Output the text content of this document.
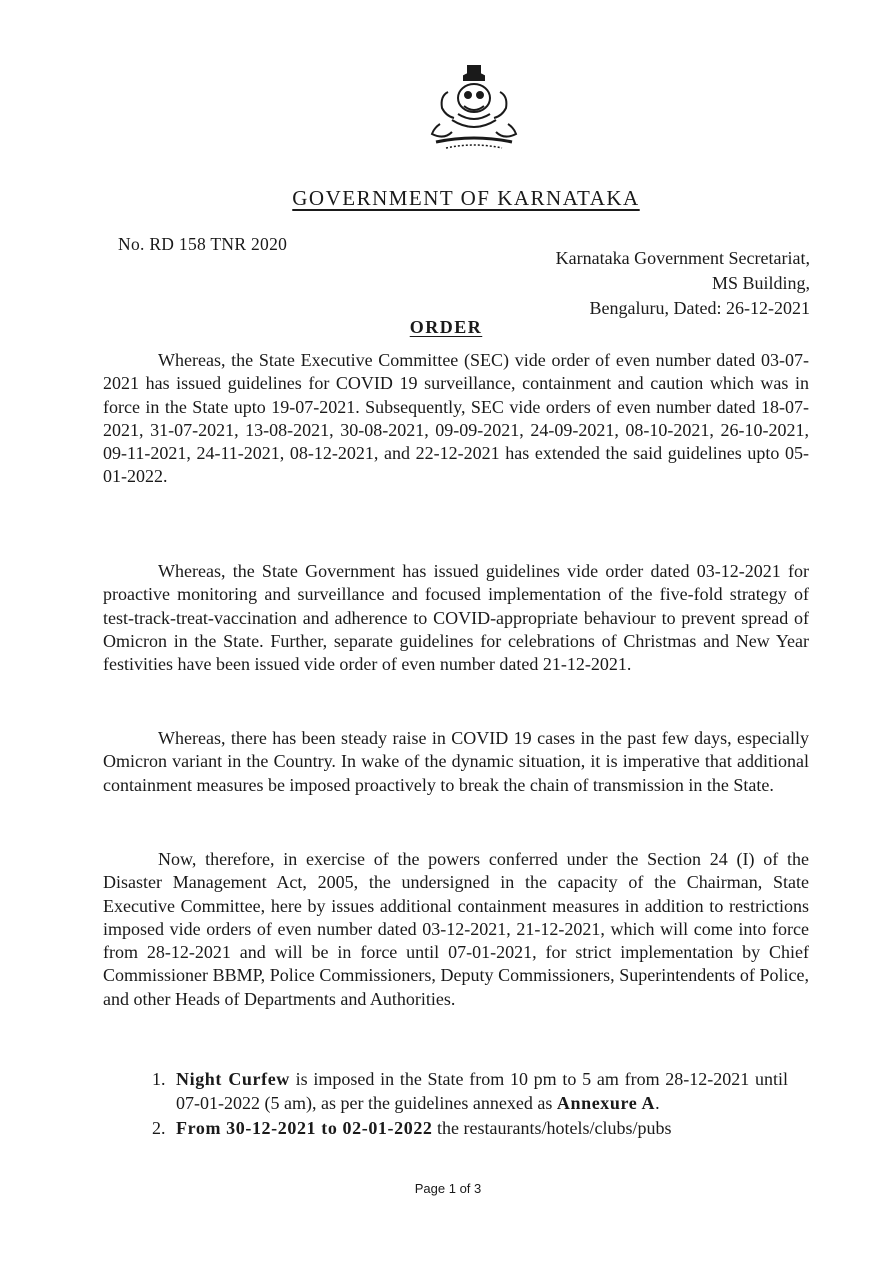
GOVERNMENT OF KARNATAKA
No. RD 158 TNR 2020
Karnataka Government Secretariat,
MS Building,
Bengaluru, Dated: 26-12-2021
ORDER

Whereas, the State Executive Committee (SEC) vide order of even number dated 03-07-2021 has issued guidelines for COVID 19 surveillance, containment and caution which was in force in the State upto 19-07-2021. Subsequently, SEC vide orders of even number dated 18-07-2021, 31-07-2021, 13-08-2021, 30-08-2021, 09-09-2021, 24-09-2021, 08-10-2021, 26-10-2021, 09-11-2021, 24-11-2021, 08-12-2021, and 22-12-2021 has extended the said guidelines upto 05-01-2022.

Whereas, the State Government has issued guidelines vide order dated 03-12-2021 for proactive monitoring and surveillance and focused implementation of the five-fold strategy of test-track-treat-vaccination and adherence to COVID-appropriate behaviour to prevent spread of Omicron in the State. Further, separate guidelines for celebrations of Christmas and New Year festivities have been issued vide order of even number dated 21-12-2021.

Whereas, there has been steady raise in COVID 19 cases in the past few days, especially Omicron variant in the Country. In wake of the dynamic situation, it is imperative that additional containment measures be imposed proactively to break the chain of transmission in the State.

Now, therefore, in exercise of the powers conferred under the Section 24 (I) of the Disaster Management Act, 2005, the undersigned in the capacity of the Chairman, State Executive Committee, here by issues additional containment measures in addition to restrictions imposed vide orders of even number dated 03-12-2021, 21-12-2021, which will come into force from 28-12-2021 and will be in force until 07-01-2021, for strict implementation by Chief Commissioner BBMP, Police Commissioners, Deputy Commissioners, Superintendents of Police, and other Heads of Departments and Authorities.

1. Night Curfew is imposed in the State from 10 pm to 5 am from 28-12-2021 until 07-01-2022 (5 am), as per the guidelines annexed as Annexure A.
2. From 30-12-2021 to 02-01-2022 the restaurants/hotels/clubs/pubs
Page 1 of 3
